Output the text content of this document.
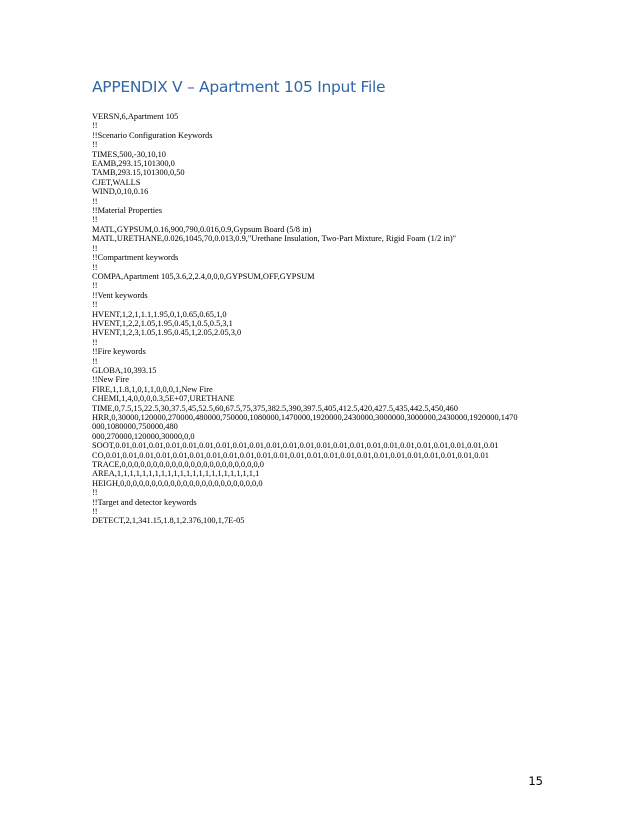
APPENDIX V – Apartment 105 Input File
VERSN,6,Apartment 105
!!
!!Scenario Configuration Keywords
!!
TIMES,500,-30,10,10
EAMB,293.15,101300,0
TAMB,293.15,101300,0,50
CJET,WALLS
WIND,0,10,0.16
!!
!!Material Properties
!!
MATL,GYPSUM,0.16,900,790,0.016,0.9,Gypsum Board (5/8 in)
MATL,URETHANE,0.026,1045,70,0.013,0.9,"Urethane Insulation, Two-Part Mixture, Rigid Foam (1/2 in)"
!!
!!Compartment keywords
!!
COMPA,Apartment 105,3.6,2,2.4,0,0,0,GYPSUM,OFF,GYPSUM
!!
!!Vent keywords
!!
HVENT,1,2,1,1.1,1.95,0,1,0.65,0.65,1,0
HVENT,1,2,2,1.05,1.95,0.45,1,0.5,0.5,3,1
HVENT,1,2,3,1.05,1.95,0.45,1,2.05,2.05,3,0
!!
!!Fire keywords
!!
GLOBA,10,393.15
!!New Fire
FIRE,1,1.8,1,0,1,1,0,0,0,1,New Fire
CHEMI,1,4,0,0,0,0.3,5E+07,URETHANE
TIME,0,7.5,15,22.5,30,37.5,45,52.5,60,67.5,75,375,382.5,390,397.5,405,412.5,420,427.5,435,442.5,450,460
HRR,0,30000,120000,270000,480000,750000,1080000,1470000,1920000,2430000,3000000,3000000,2430000,1920000,1470
000,1080000,750000,480
000,270000,120000,30000,0,0
SOOT,0.01,0.01,0.01,0.01,0.01,0.01,0.01,0.01,0.01,0.01,0.01,0.01,0.01,0.01,0.01,0.01,0.01,0.01,0.01,0.01,0.01,0.01,0.01
CO,0.01,0.01,0.01,0.01,0.01,0.01,0.01,0.01,0.01,0.01,0.01,0.01,0.01,0.01,0.01,0.01,0.01,0.01,0.01,0.01,0.01,0.01,0.01
TRACE,0,0,0,0,0,0,0,0,0,0,0,0,0,0,0,0,0,0,0,0,0,0,0
AREA,1,1,1,1,1,1,1,1,1,1,1,1,1,1,1,1,1,1,1,1,1,1,1
HEIGH,0,0,0,0,0,0,0,0,0,0,0,0,0,0,0,0,0,0,0,0,0,0,0
!!
!!Target and detector keywords
!!
DETECT,2,1,341.15,1.8,1,2.376,100,1,7E-05
15
